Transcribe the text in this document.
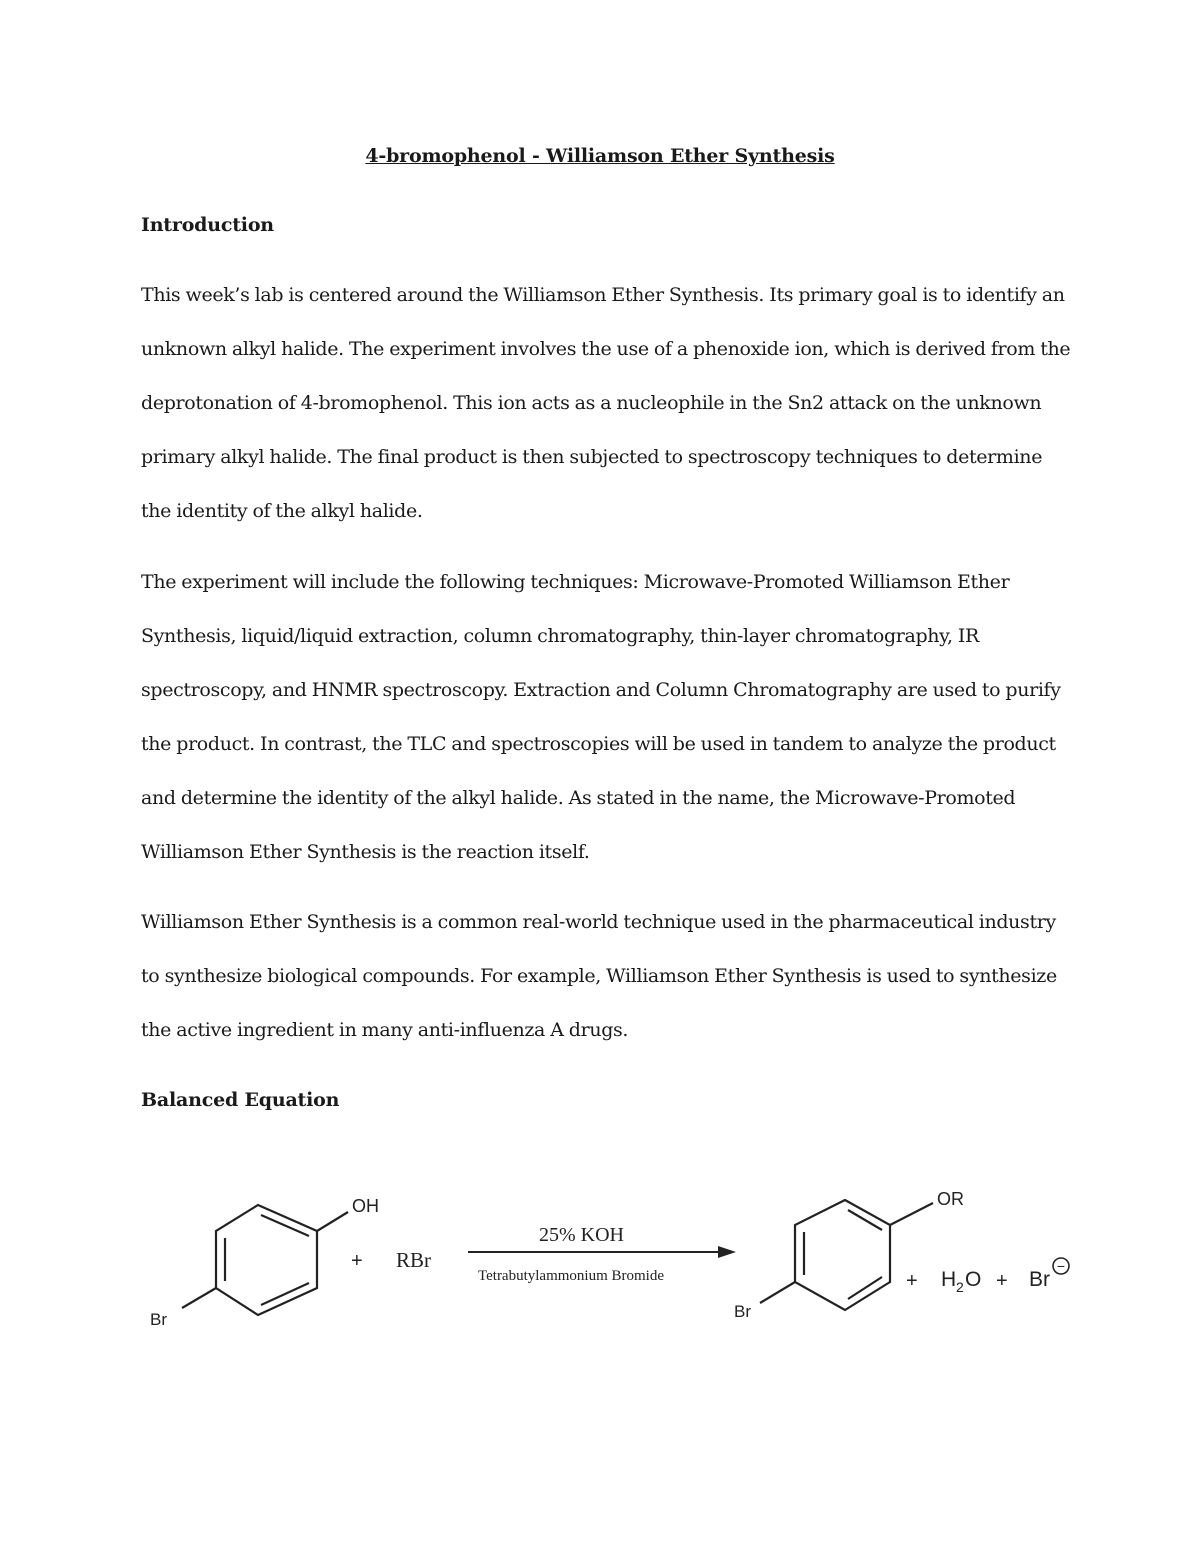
4-bromophenol - Williamson Ether Synthesis
Introduction
This week’s lab is centered around the Williamson Ether Synthesis. Its primary goal is to identify an unknown alkyl halide. The experiment involves the use of a phenoxide ion, which is derived from the deprotonation of 4-bromophenol. This ion acts as a nucleophile in the Sn2 attack on the unknown primary alkyl halide. The final product is then subjected to spectroscopy techniques to determine the identity of the alkyl halide.
The experiment will include the following techniques: Microwave-Promoted Williamson Ether Synthesis, liquid/liquid extraction, column chromatography, thin-layer chromatography, IR spectroscopy, and HNMR spectroscopy. Extraction and Column Chromatography are used to purify the product. In contrast, the TLC and spectroscopies will be used in tandem to analyze the product and determine the identity of the alkyl halide. As stated in the name, the Microwave-Promoted Williamson Ether Synthesis is the reaction itself.
Williamson Ether Synthesis is a common real-world technique used in the pharmaceutical industry to synthesize biological compounds. For example, Williamson Ether Synthesis is used to synthesize the active ingredient in many anti-influenza A drugs.
Balanced Equation
OH
Br
+ RBr
25% KOH
Tetrabutylammonium Bromide
OR
Br
+ H 2 O + Br
−
